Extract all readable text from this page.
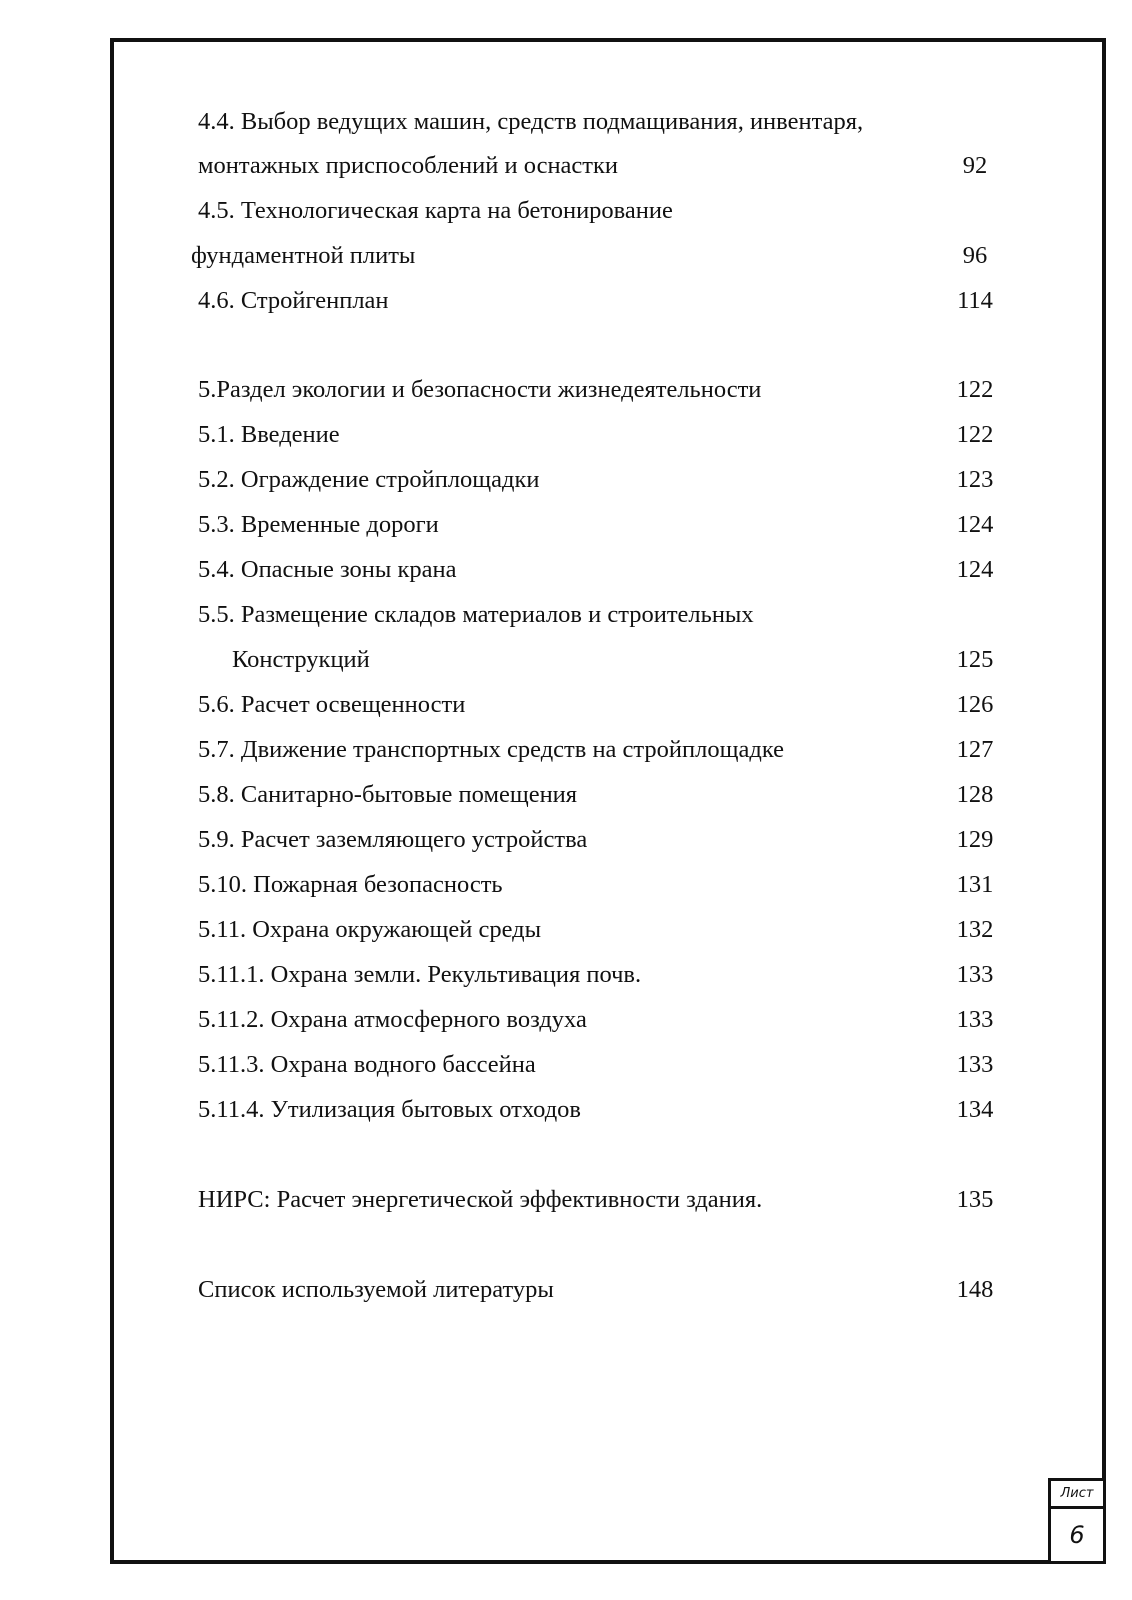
4.4. Выбор ведущих машин, средств подмащивания, инвентаря,
монтажных приспособлений и оснастки	92
4.5. Технологическая карта на бетонирование
фундаментной плиты	96
4.6. Стройгенплан	114
5.Раздел экологии и безопасности жизнедеятельности	122
5.1. Введение	122
5.2. Ограждение стройплощадки	123
5.3. Временные дороги	124
5.4. Опасные зоны крана	124
5.5. Размещение складов материалов и строительных
Конструкций	125
5.6. Расчет освещенности	126
5.7. Движение транспортных средств на стройплощадке	127
5.8. Санитарно-бытовые помещения	128
5.9. Расчет заземляющего устройства	129
5.10. Пожарная безопасность	131
5.11. Охрана окружающей среды	132
5.11.1. Охрана земли. Рекультивация почв.	133
5.11.2. Охрана атмосферного воздуха	133
5.11.3. Охрана водного бассейна	133
5.11.4. Утилизация бытовых отходов	134
НИРС: Расчет энергетической эффективности здания.	135
Список используемой литературы	148
Лист
6
